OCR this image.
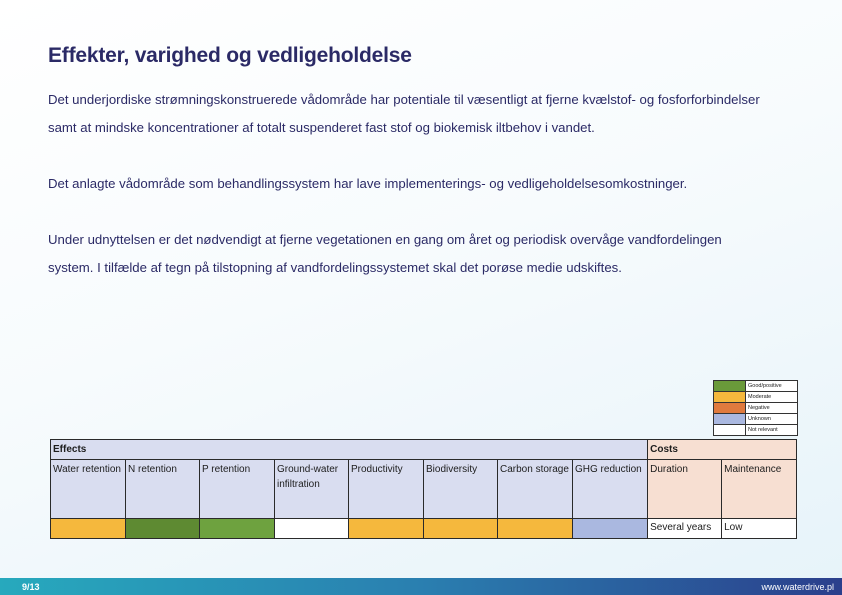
Effekter, varighed og vedligeholdelse
Det underjordiske strømningskonstruerede vådområde har potentiale til væsentligt at fjerne kvælstof- og fosforforbindelser
samt at mindske koncentrationer af totalt suspenderet fast stof og biokemisk iltbehov i vandet.
Det anlagte vådområde som behandlingssystem har lave implementerings- og vedligeholdelsesomkostninger.
Under udnyttelsen er det nødvendigt at fjerne vegetationen en gang om året og periodisk overvåge vandfordelingen
system. I tilfælde af tegn på tilstopning af vandfordelingssystemet skal det porøse medie udskiftes.
Good/positive
Moderate
Negative
Unknown
Not relevant
Effects								Costs	
Water retention	N retention	P retention	Ground-water infiltration	Productivity	Biodiversity	Carbon storage	GHG reduction	Duration	Maintenance
								Several years	Low
9/13	www.waterdrive.pl
